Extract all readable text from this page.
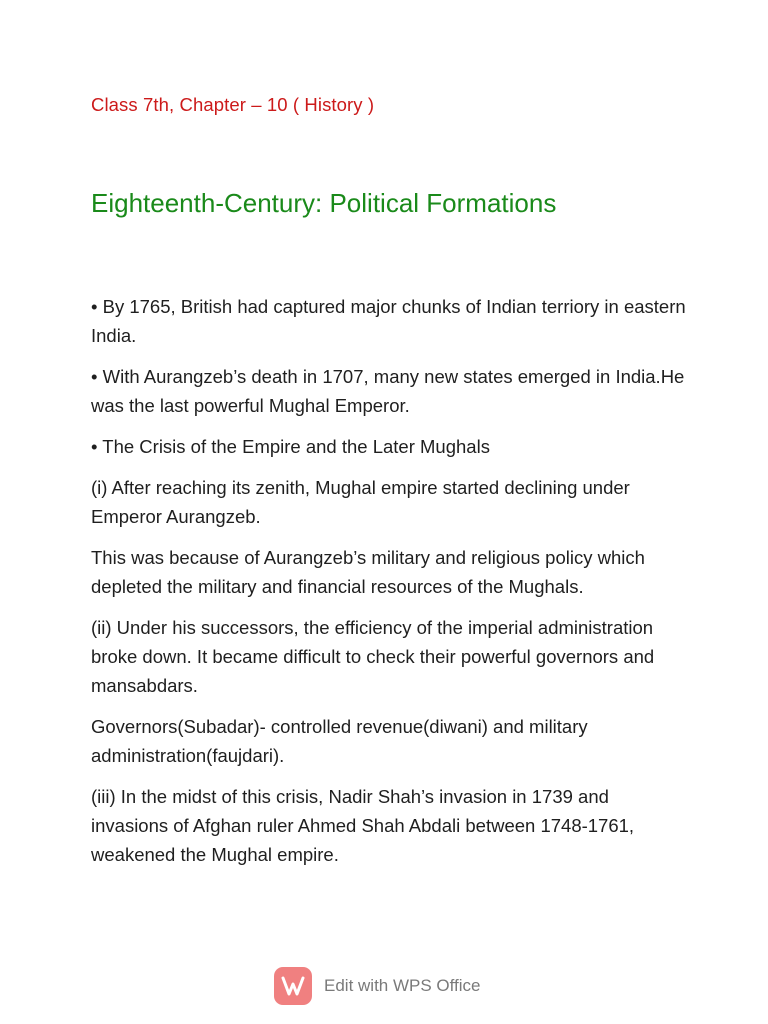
Class 7th, Chapter – 10 ( History )
Eighteenth-Century: Political Formations

• By 1765, British had captured major chunks of Indian terriory in eastern India.

• With Aurangzeb’s death in 1707, many new states emerged in India.He was the last powerful Mughal Emperor.

• The Crisis of the Empire and the Later Mughals

(i) After reaching its zenith, Mughal empire started declining under Emperor Aurangzeb.

This was because of Aurangzeb’s military and religious policy which depleted the military and financial resources of the Mughals.

(ii) Under his successors, the efficiency of the imperial administration broke down. It became difficult to check their powerful governors and mansabdars.

Governors(Subadar)- controlled revenue(diwani) and military administration(faujdari).

(iii) In the midst of this crisis, Nadir Shah’s invasion in 1739 and invasions of Afghan ruler Ahmed Shah Abdali between 1748-1761, weakened the Mughal empire.

Edit with WPS Office
